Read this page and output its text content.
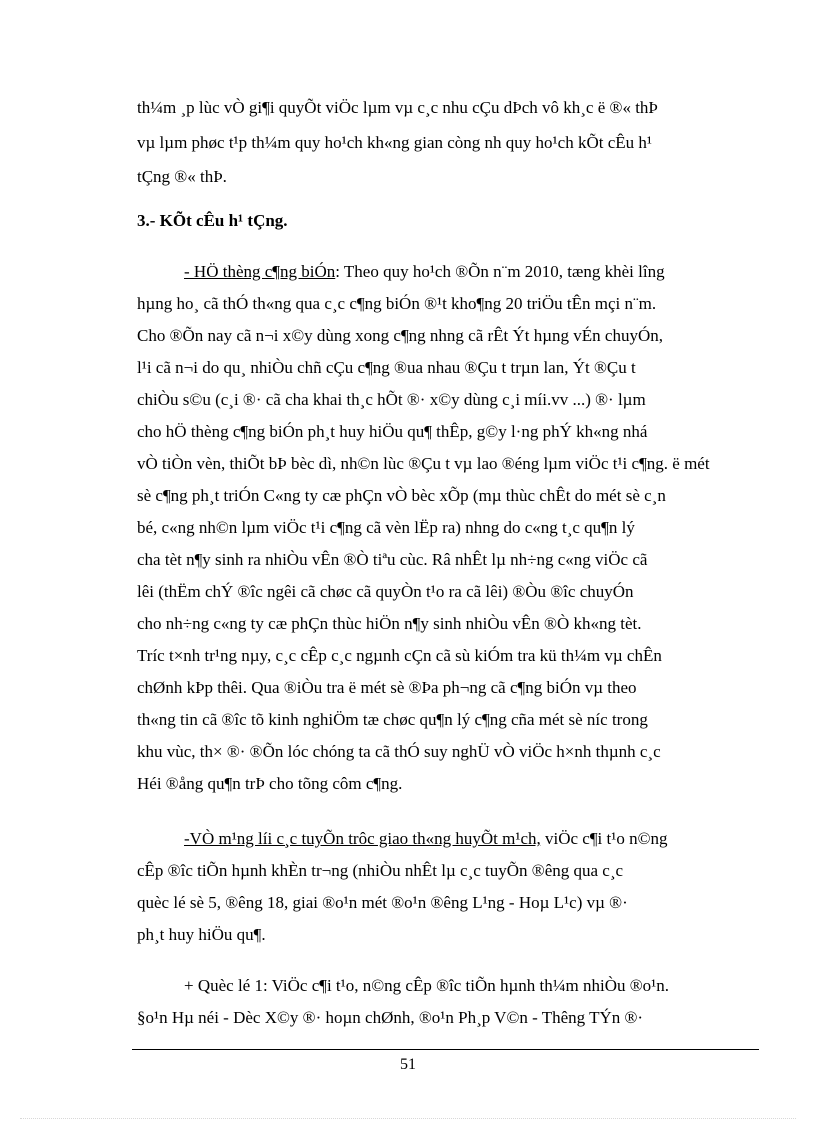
th¼m ¸p lùc vÒ gi¶i quyÕt viÖc lµm vµ c¸c nhu cÇu dÞch vô kh¸c ë ®« thÞ
vµ lµm phøc t¹p th¼m quy ho¹ch kh«ng gian còng nh quy ho¹ch kÕt cÊu h¹
tÇng ®« thÞ.
3.- KÕt cÊu h¹ tÇng.
- HÖ thèng c¶ng biÓn: Theo quy ho¹ch ®Õn n¨m 2010, tæng khèi lîng
hµng ho¸ cã thÓ th«ng qua c¸c c¶ng biÓn ®¹t kho¶ng 20 triÖu tÊn mçi n¨m.
Cho ®Õn nay cã n¬i x©y dùng xong c¶ng nhng cã rÊt Ýt hµng vÉn chuyÓn,
l¹i cã n¬i do qu¸ nhiÒu chñ cÇu c¶ng ®ua nhau ®Çu t trµn lan, Ýt ®Çu t
chiÒu s©u (c¸i ®· cã cha khai th¸c hÕt ®· x©y dùng c¸i míi.vv ...) ®· lµm
cho hÖ thèng c¶ng biÓn ph¸t huy hiÖu qu¶ thÊp, g©y l·ng phÝ kh«ng nhá
vÒ tiÒn vèn, thiÕt bÞ bèc dì, nh©n lùc ®Çu t vµ lao ®éng lµm viÖc t¹i c¶ng. ë mét
sè c¶ng ph¸t triÓn C«ng ty cæ phÇn vÒ bèc xÕp (mµ thùc chÊt do mét sè c¸n
bé, c«ng nh©n lµm viÖc t¹i c¶ng cã vèn lËp ra) nhng do c«ng t¸c qu¶n lý
cha tèt n¶y sinh ra nhiÒu vÊn ®Ò tiªu cùc. Râ nhÊt lµ nh÷ng c«ng viÖc cã
lêi (thËm chÝ ®îc ngêi cã chøc cã quyÒn t¹o ra cã lêi) ®Òu ®îc chuyÓn
cho nh÷ng c«ng ty cæ phÇn thùc hiÖn n¶y sinh nhiÒu vÊn ®Ò kh«ng tèt.
Tríc t×nh tr¹ng nµy, c¸c cÊp c¸c ngµnh cÇn cã sù kiÓm tra kü th¼m vµ chÊn
chØnh kÞp thêi. Qua ®iÒu tra ë mét sè ®Þa ph¬ng cã c¶ng biÓn vµ theo
th«ng tin cã ®îc tõ kinh nghiÖm tæ chøc qu¶n lý c¶ng cña mét sè níc trong
khu vùc, th× ®· ®Õn lóc chóng ta cã thÓ suy nghÜ vÒ viÖc h×nh thµnh c¸c
Héi ®ång qu¶n trÞ cho tõng côm c¶ng.
-VÒ m¹ng líi c¸c tuyÕn trôc giao th«ng huyÕt m¹ch, viÖc c¶i t¹o n©ng
cÊp ®îc tiÕn hµnh khÈn tr¬ng (nhiÒu nhÊt lµ c¸c tuyÕn ®êng qua c¸c
quèc lé sè 5, ®êng 18, giai ®o¹n mét ®o¹n ®êng L¹ng - Hoµ L¹c) vµ ®·
ph¸t huy hiÖu qu¶.
+ Quèc lé 1: ViÖc c¶i t¹o, n©ng cÊp ®îc tiÕn hµnh th¼m nhiÒu ®o¹n.
§o¹n Hµ néi - Dèc X©y ®· hoµn chØnh, ®o¹n Ph¸p V©n - Thêng TÝn ®·
51
